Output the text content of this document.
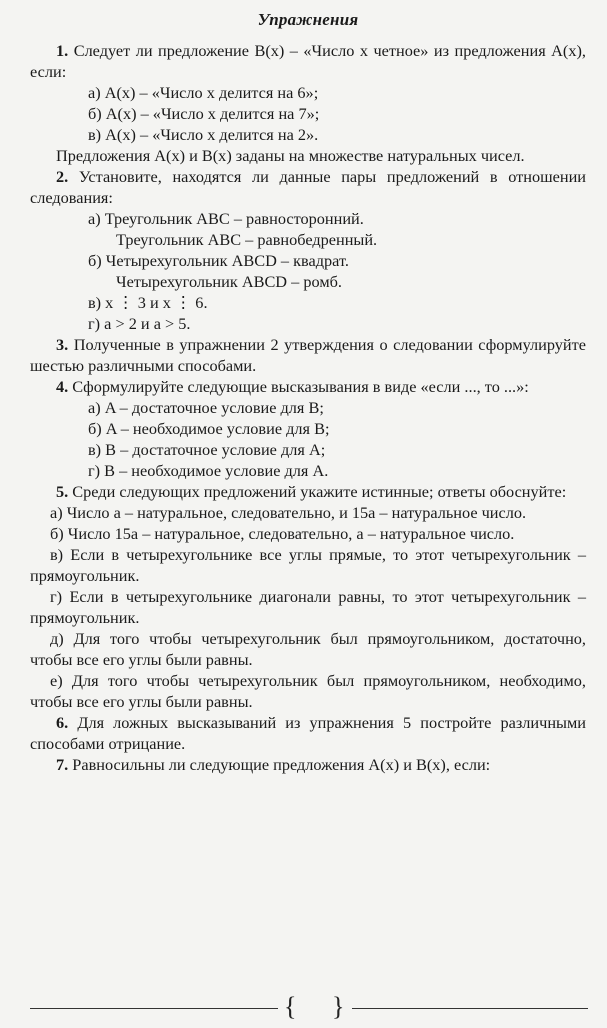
Упражнения

1. Следует ли предложение B(x) – «Число x четное» из предложения A(x), если:

а) A(x) – «Число x делится на 6»;
б) A(x) – «Число x делится на 7»;
в) A(x) – «Число x делится на 2».

Предложения A(x) и B(x) заданы на множестве натуральных чисел.

2. Установите, находятся ли данные пары предложений в отношении следования:

а) Треугольник ABC – равносторонний.
Треугольник ABC – равнобедренный.
б) Четырехугольник ABCD – квадрат.
Четырехугольник ABCD – ромб.
в) x ⋮ 3 и x ⋮ 6.
г) a > 2 и a > 5.

3. Полученные в упражнении 2 утверждения о следовании сформулируйте шестью различными способами.

4. Сформулируйте следующие высказывания в виде «если ..., то ...»:

а) A – достаточное условие для B;
б) A – необходимое условие для B;
в) B – достаточное условие для A;
г) B – необходимое условие для A.

5. Среди следующих предложений укажите истинные; ответы обоснуйте:

а) Число a – натуральное, следовательно, и 15a – натуральное число.

б) Число 15a – натуральное, следовательно, a – натуральное число.

в) Если в четырехугольнике все углы прямые, то этот четырехугольник – прямоугольник.

г) Если в четырехугольнике диагонали равны, то этот четырехугольник – прямоугольник.

д) Для того чтобы четырехугольник был прямоугольником, достаточно, чтобы все его углы были равны.

е) Для того чтобы четырехугольник был прямоугольником, необходимо, чтобы все его углы были равны.

6. Для ложных высказываний из упражнения 5 постройте различными способами отрицание.

7. Равносильны ли следующие предложения A(x) и B(x), если:

{ }
